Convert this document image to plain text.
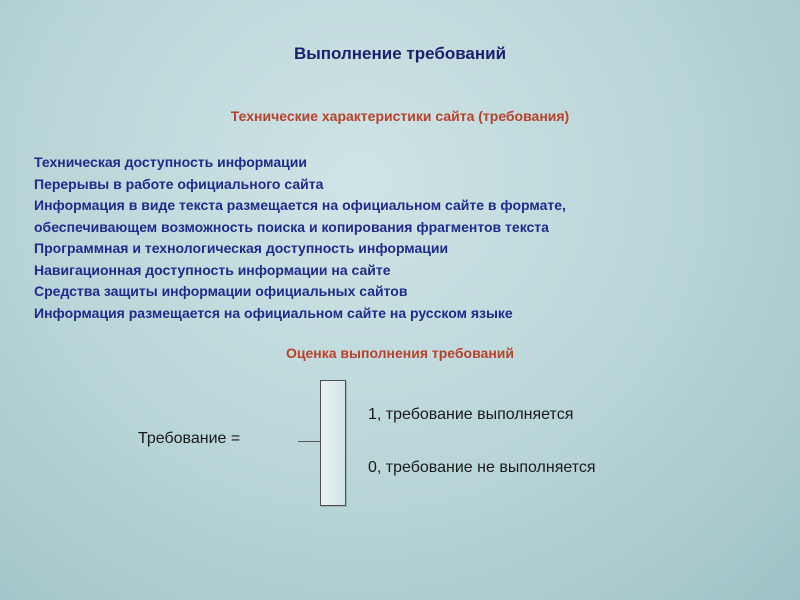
Выполнение требований
Технические характеристики сайта (требования)
Техническая доступность информации
Перерывы в работе официального сайта
Информация в виде текста размещается на официальном сайте в формате,
обеспечивающем возможность поиска и копирования фрагментов текста
Программная и технологическая доступность информации
Навигационная доступность информации на сайте
Средства защиты информации официальных сайтов
Информация размещается на официальном сайте на русском языке
Оценка выполнения требований
Требование =
1, требование выполняется
0, требование не выполняется
